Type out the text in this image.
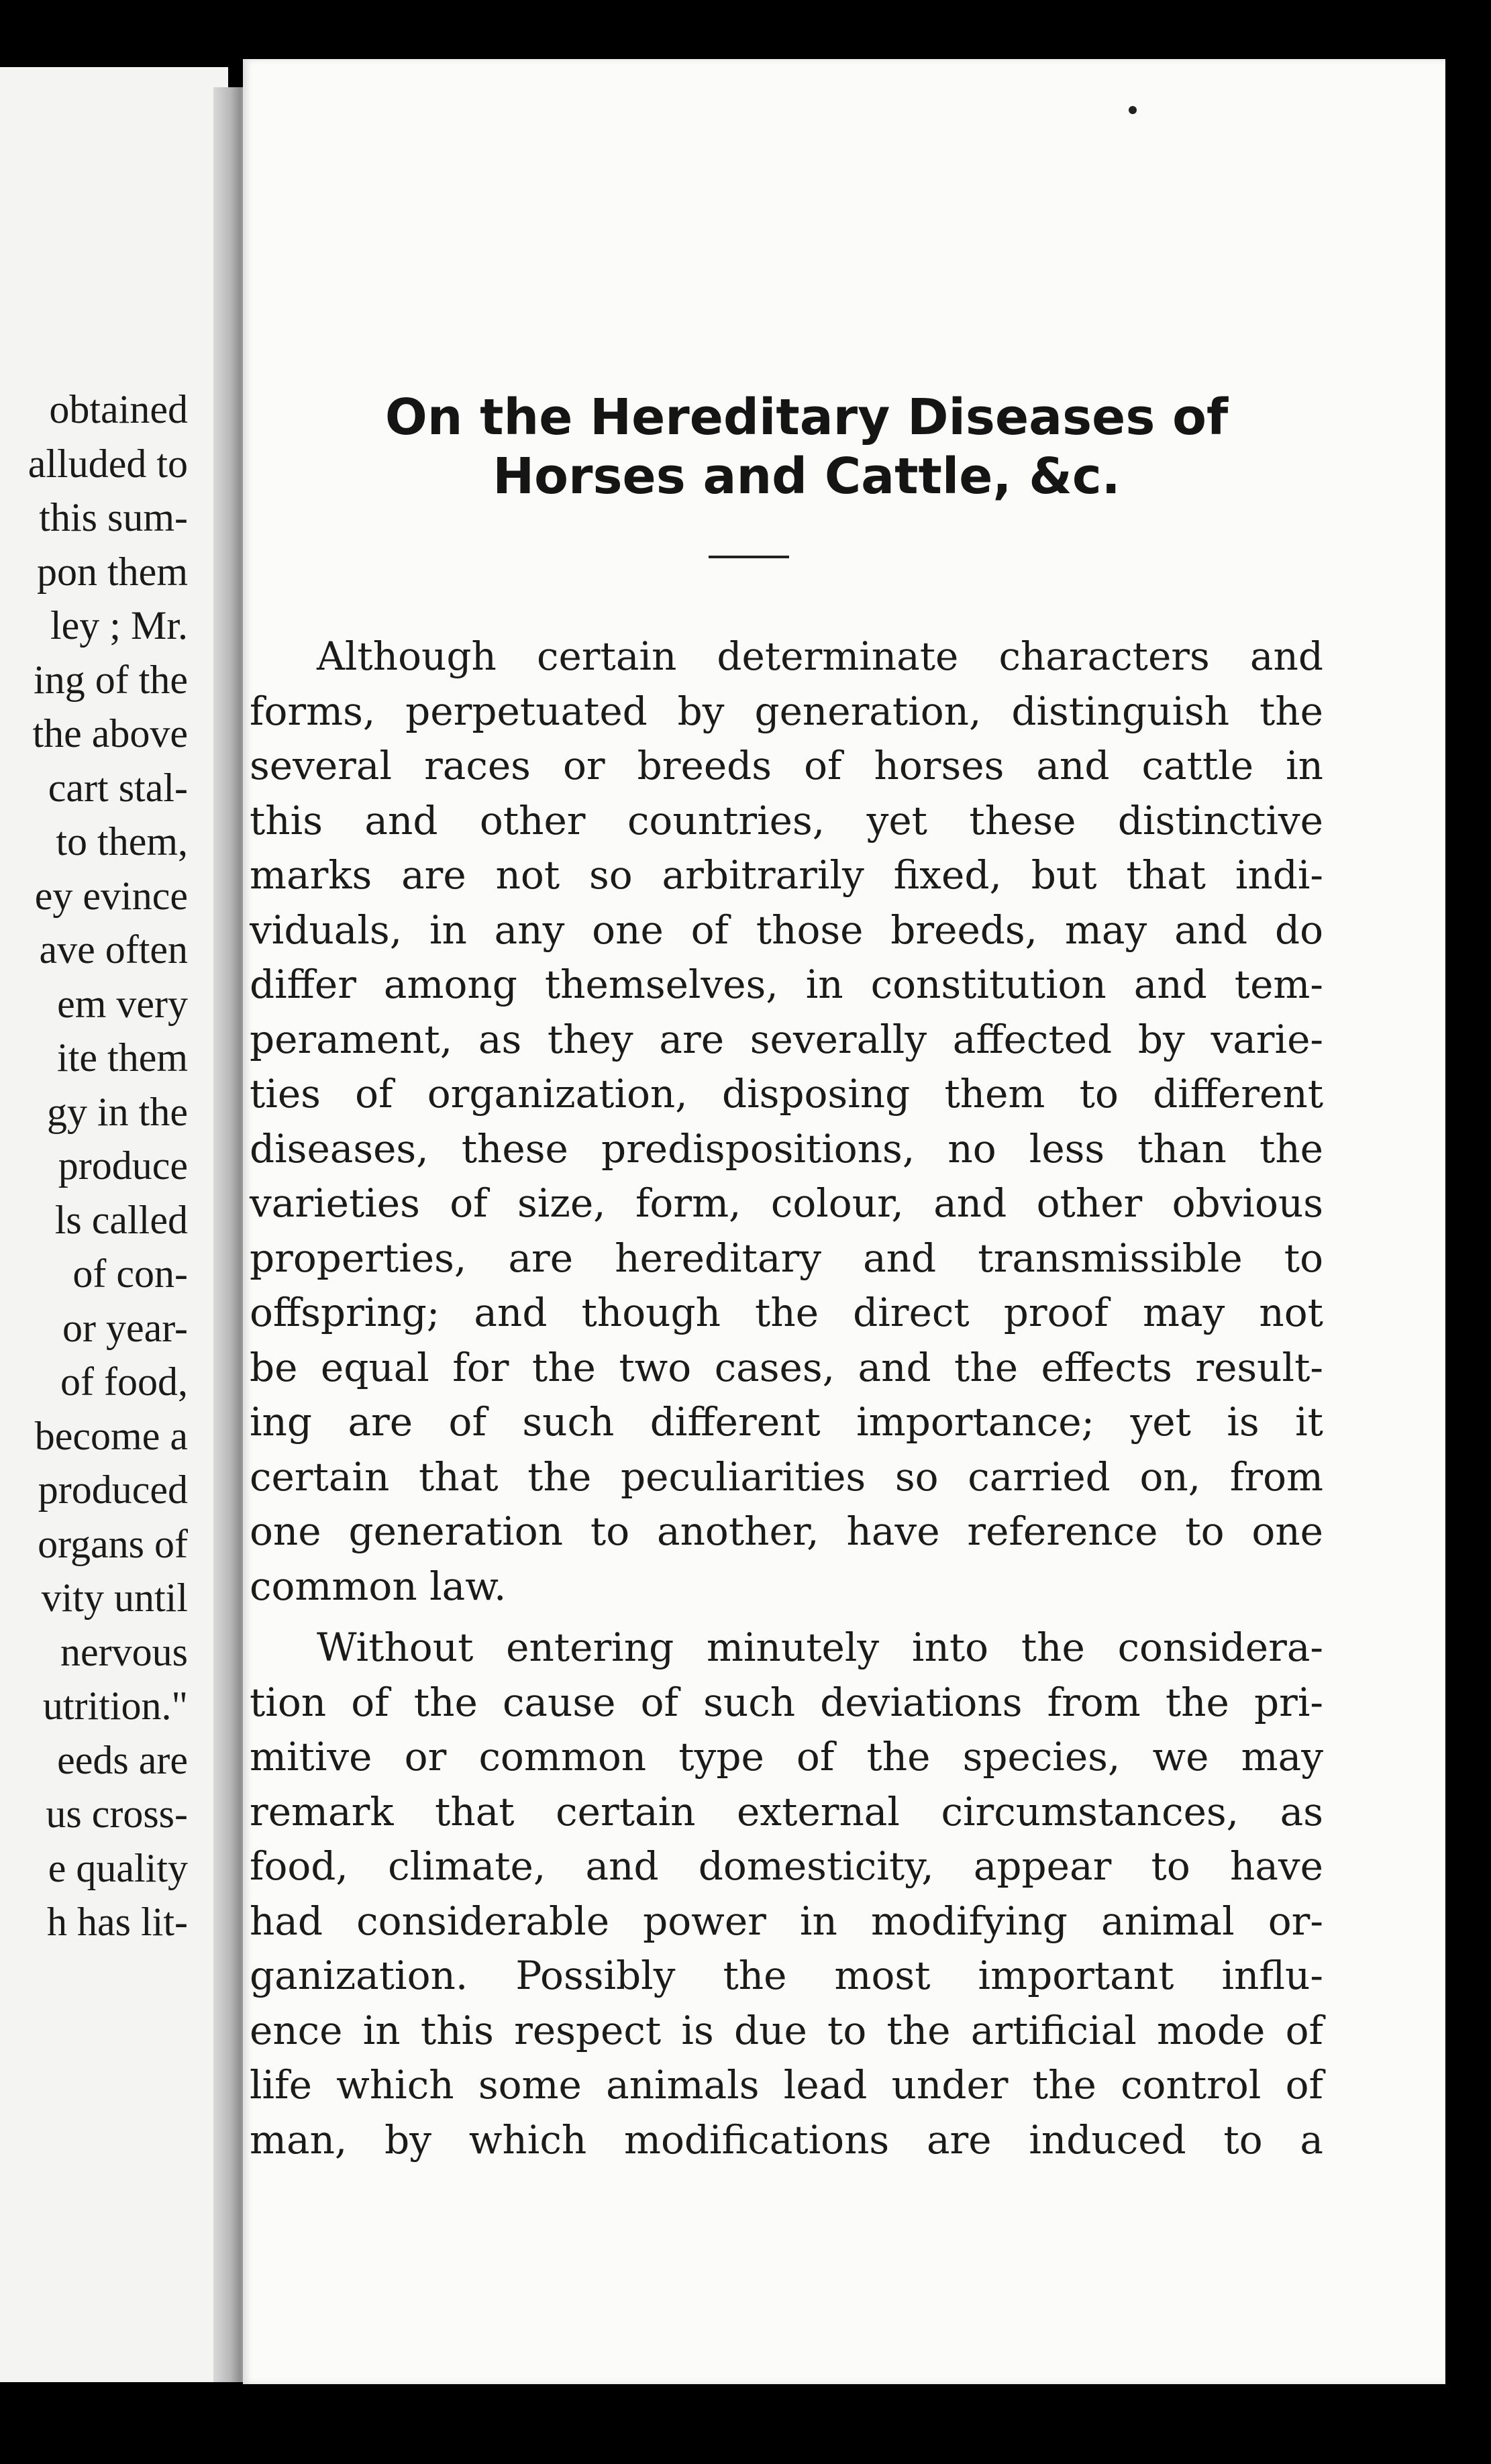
obtained
alluded to
this sum-
pon them
ley ; Mr.
ing of the
the above
cart stal-
to them,
ey evince
ave often
em very
ite them
gy in the
produce
ls called
of con-
or year-
of food,
become a
produced
organs of
vity until
nervous
utrition."
eeds are
us cross-
e quality
h has lit-
On the Hereditary Diseases of
Horses and Cattle, &c.
Although certain determinate characters and
forms, perpetuated by generation, distinguish the
several races or breeds of horses and cattle in
this and other countries, yet these distinctive
marks are not so arbitrarily fixed, but that indi-
viduals, in any one of those breeds, may and do
differ among themselves, in constitution and tem-
perament, as they are severally affected by varie-
ties of organization, disposing them to different
diseases, these predispositions, no less than the
varieties of size, form, colour, and other obvious
properties, are hereditary and transmissible to
offspring; and though the direct proof may not
be equal for the two cases, and the effects result-
ing are of such different importance; yet is it
certain that the peculiarities so carried on, from
one generation to another, have reference to one
common law.
Without entering minutely into the considera-
tion of the cause of such deviations from the pri-
mitive or common type of the species, we may
remark that certain external circumstances, as
food, climate, and domesticity, appear to have
had considerable power in modifying animal or-
ganization. Possibly the most important influ-
ence in this respect is due to the artificial mode of
life which some animals lead under the control of
man, by which modifications are induced to a
